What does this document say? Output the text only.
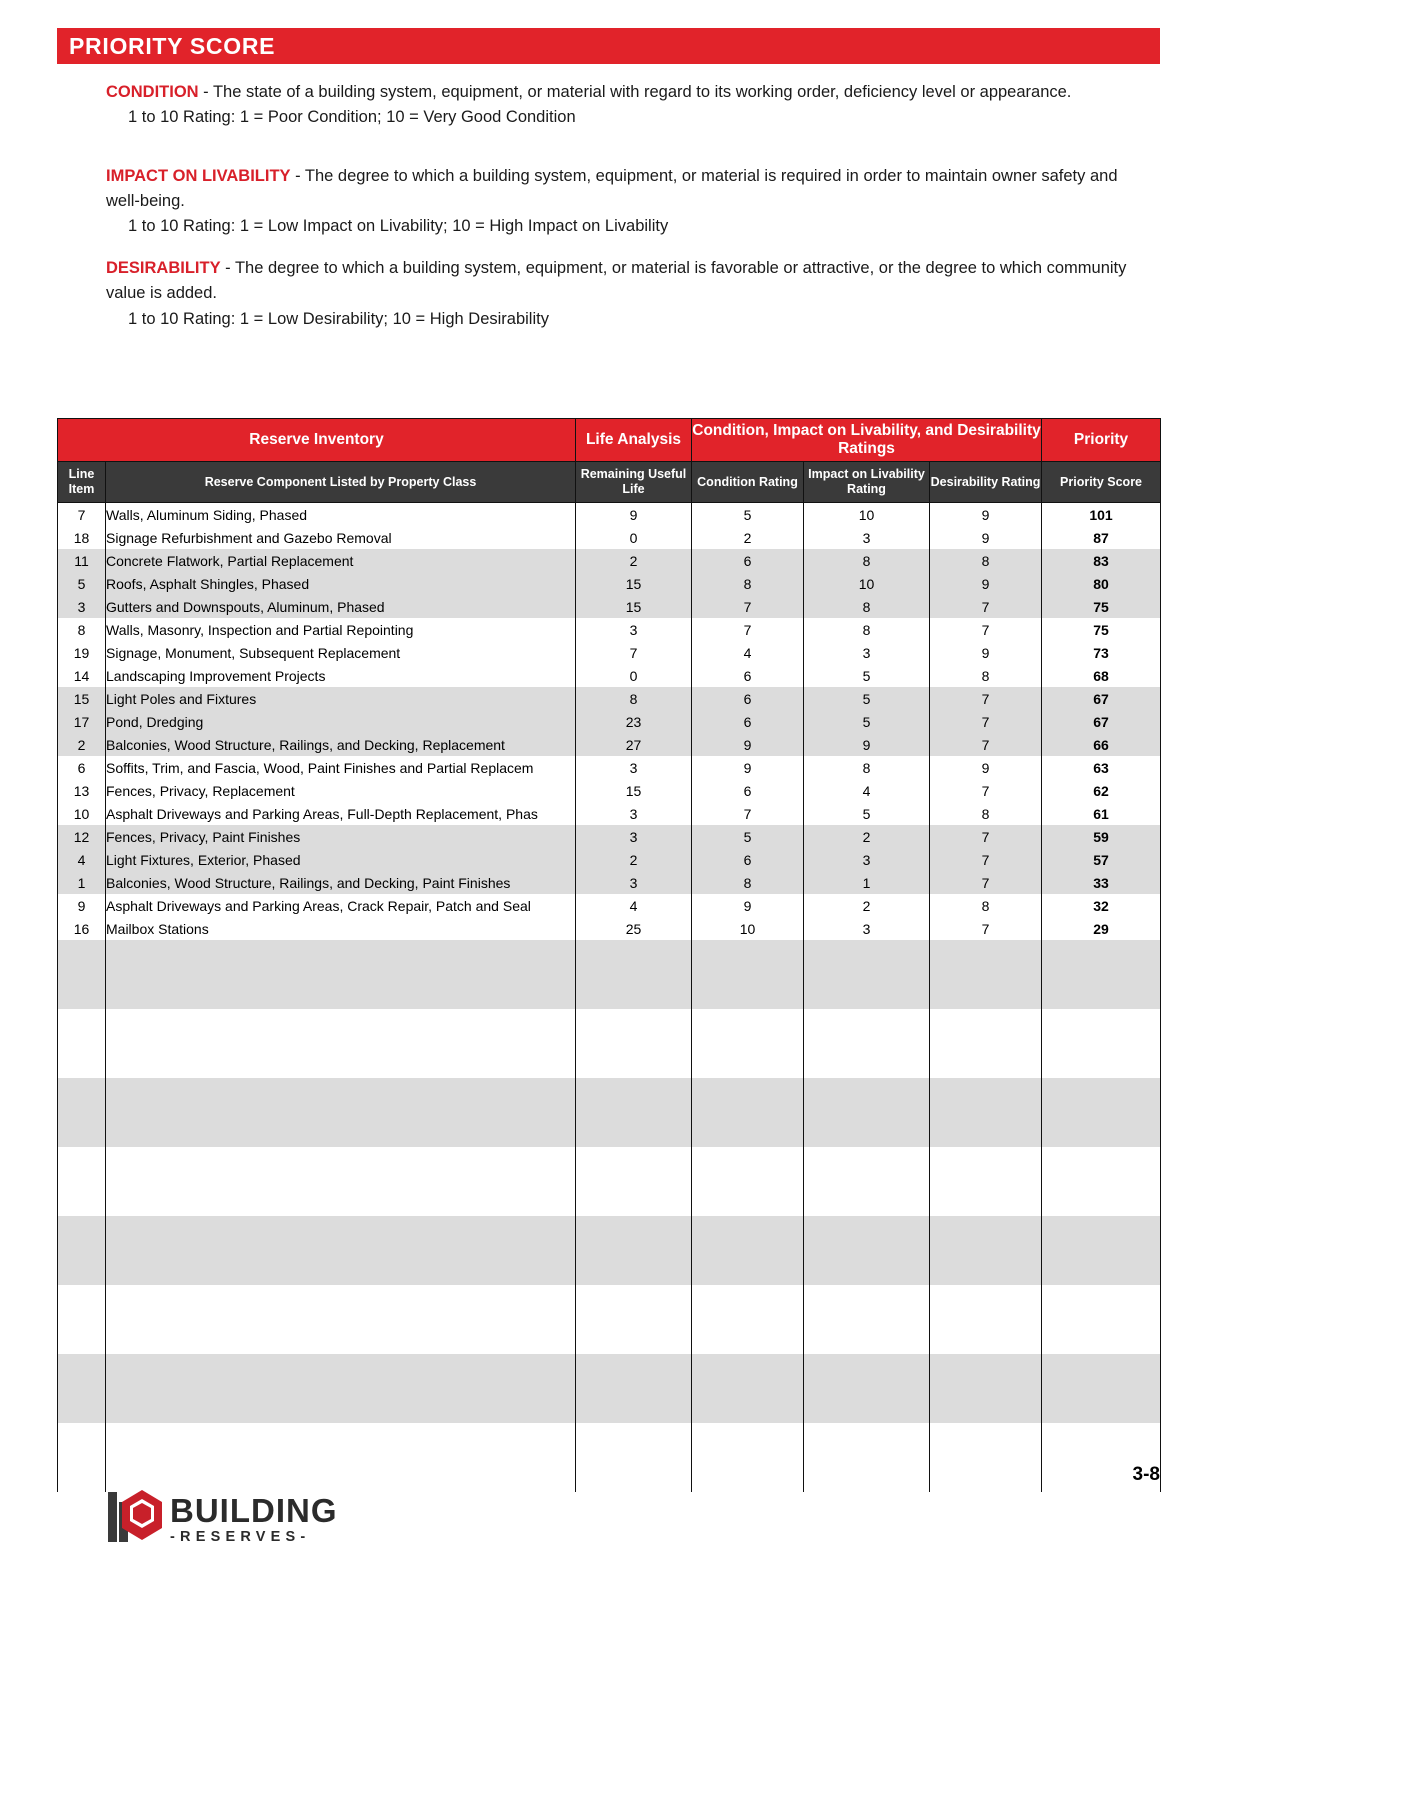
PRIORITY SCORE
CONDITION - The state of a building system, equipment, or material with regard to its working order, deficiency level or appearance.
1 to 10 Rating: 1 = Poor Condition; 10 = Very Good Condition
IMPACT ON LIVABILITY - The degree to which a building system, equipment, or material is required in order to maintain owner safety and well-being.
1 to 10 Rating: 1 = Low Impact on Livability; 10 = High Impact on Livability
DESIRABILITY - The degree to which a building system, equipment, or material is favorable or attractive, or the degree to which community value is added.
1 to 10 Rating: 1 = Low Desirability; 10 = High Desirability
Reserve Inventory		Life Analysis	Condition, Impact on Livability, and Desirability Ratings			Priority
Line Item	Reserve Component Listed by Property Class	Remaining Useful Life	Condition Rating	Impact on Livability Rating	Desirability Rating	Priority Score
7	Walls, Aluminum Siding, Phased	9	5	10	9	101
18	Signage Refurbishment and Gazebo Removal	0	2	3	9	87
11	Concrete Flatwork, Partial Replacement	2	6	8	8	83
5	Roofs, Asphalt Shingles, Phased	15	8	10	9	80
3	Gutters and Downspouts, Aluminum, Phased	15	7	8	7	75
8	Walls, Masonry, Inspection and Partial Repointing	3	7	8	7	75
19	Signage, Monument, Subsequent Replacement	7	4	3	9	73
14	Landscaping Improvement Projects	0	6	5	8	68
15	Light Poles and Fixtures	8	6	5	7	67
17	Pond, Dredging	23	6	5	7	67
2	Balconies, Wood Structure, Railings, and Decking, Replacement	27	9	9	7	66
6	Soffits, Trim, and Fascia, Wood, Paint Finishes and Partial Replacem	3	9	8	9	63
13	Fences, Privacy, Replacement	15	6	4	7	62
10	Asphalt Driveways and Parking Areas, Full-Depth Replacement, Phas	3	7	5	8	61
12	Fences, Privacy, Paint Finishes	3	5	2	7	59
4	Light Fixtures, Exterior, Phased	2	6	3	7	57
1	Balconies, Wood Structure, Railings, and Decking, Paint Finishes	3	8	1	7	33
9	Asphalt Driveways and Parking Areas, Crack Repair, Patch and Seal	4	9	2	8	32
16	Mailbox Stations	25	10	3	7	29

3-8
BUILDING
-RESERVES-
